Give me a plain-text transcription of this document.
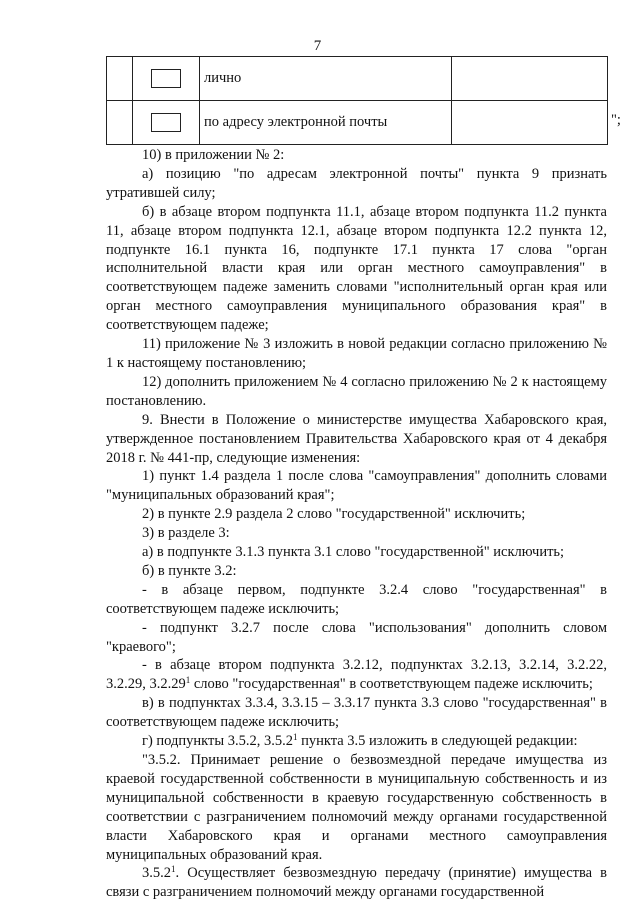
7

	лично	

	по адресу электронной почты		";

10) в приложении № 2:

а) позицию "по адресам электронной почты" пункта 9 признать утратившей силу;

б) в абзаце втором подпункта 11.1, абзаце втором подпункта 11.2 пункта 11, абзаце втором подпункта 12.1, абзаце втором подпункта 12.2 пункта 12, подпункте 16.1 пункта 16, подпункте 17.1 пункта 17 слова "орган исполнительной власти края или орган местного самоуправления" в соответствующем падеже заменить словами "исполнительный орган края или орган местного самоуправления муниципального образования края" в соответствующем падеже;

11) приложение № 3 изложить в новой редакции согласно приложению № 1 к настоящему постановлению;

12) дополнить приложением № 4 согласно приложению № 2 к настоящему постановлению.

9. Внести в Положение о министерстве имущества Хабаровского края, утвержденное постановлением Правительства Хабаровского края от 4 декабря 2018 г. № 441-пр, следующие изменения:

1) пункт 1.4 раздела 1 после слова "самоуправления" дополнить словами "муниципальных образований края";

2) в пункте 2.9 раздела 2 слово "государственной" исключить;

3) в разделе 3:

а) в подпункте 3.1.3 пункта 3.1 слово "государственной" исключить;

б) в пункте 3.2:

- в абзаце первом, подпункте 3.2.4 слово "государственная" в соответствующем падеже исключить;

- подпункт 3.2.7 после слова "использования" дополнить словом "краевого";

- в абзаце втором подпункта 3.2.12, подпунктах 3.2.13, 3.2.14, 3.2.22, 3.2.29, 3.2.29$^1$ слово "государственная" в соответствующем падеже исключить;

в) в подпунктах 3.3.4, 3.3.15 – 3.3.17 пункта 3.3 слово "государственная" в соответствующем падеже исключить;

г) подпункты 3.5.2, 3.5.2$^1$ пункта 3.5 изложить в следующей редакции:

"3.5.2. Принимает решение о безвозмездной передаче имущества из краевой государственной собственности в муниципальную собственность и из муниципальной собственности в краевую государственную собственность в соответствии с разграничением полномочий между органами государственной власти Хабаровского края и органами местного самоуправления муниципальных образований края.

3.5.2$^1$. Осуществляет безвозмездную передачу (принятие) имущества в связи с разграничением полномочий между органами государственной
